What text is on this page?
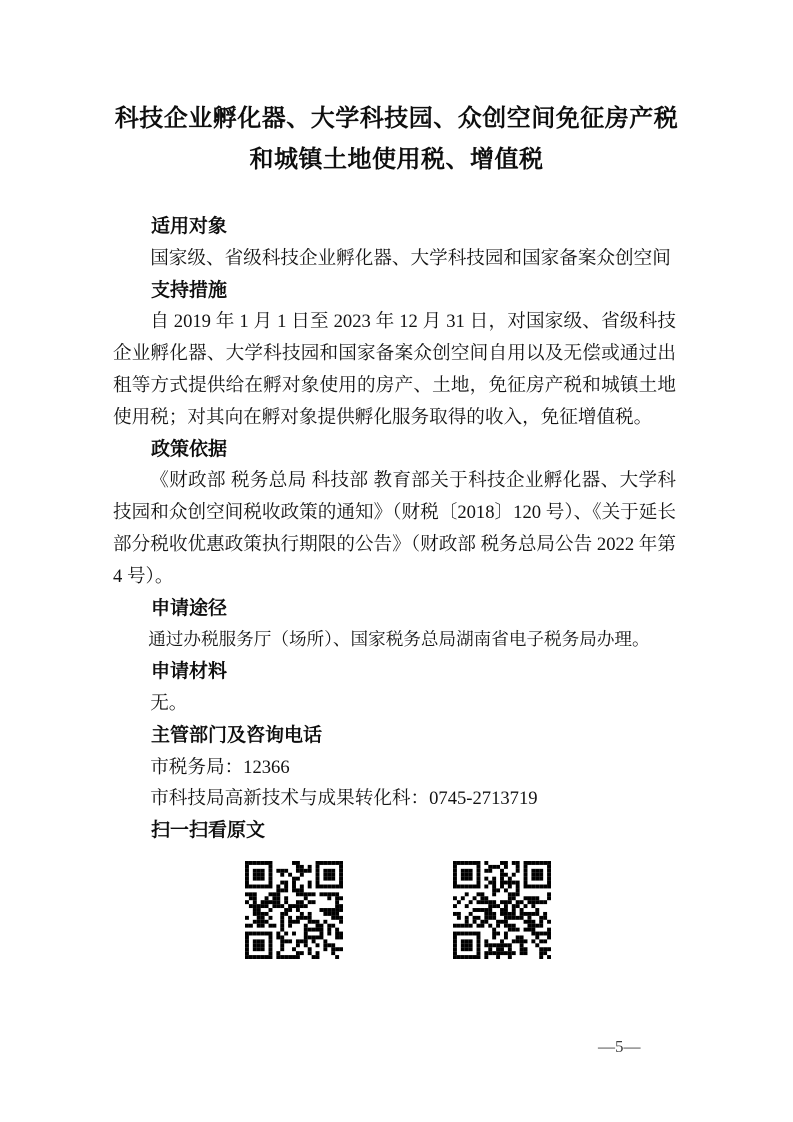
科技企业孵化器、大学科技园、众创空间免征房产税
和城镇土地使用税、增值税
适用对象

国家级、省级科技企业孵化器、大学科技园和国家备案众创空间

支持措施

自 2019 年 1 月 1 日至 2023 年 12 月 31 日，对国家级、省级科技企业孵化器、大学科技园和国家备案众创空间自用以及无偿或通过出租等方式提供给在孵对象使用的房产、土地，免征房产税和城镇土地使用税；对其向在孵对象提供孵化服务取得的收入，免征增值税。

政策依据

《财政部 税务总局 科技部 教育部关于科技企业孵化器、大学科技园和众创空间税收政策的通知》（财税〔2018〕120 号）、《关于延长部分税收优惠政策执行期限的公告》（财政部 税务总局公告 2022 年第 4 号）。

申请途径

通过办税服务厅（场所）、国家税务总局湖南省电子税务局办理。

申请材料

无。

主管部门及咨询电话

市税务局：12366

市科技局高新技术与成果转化科：0745-2713719

扫一扫看原文
—5—
